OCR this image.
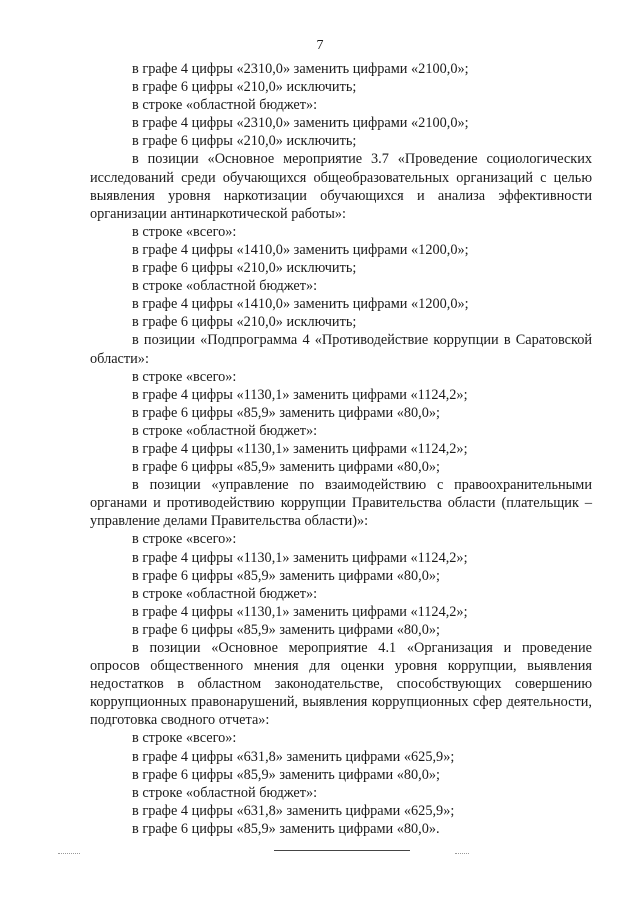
7

в графе 4 цифры «2310,0» заменить цифрами «2100,0»;

в графе 6 цифры «210,0» исключить;

в строке «областной бюджет»:

в графе 4 цифры «2310,0» заменить цифрами «2100,0»;

в графе 6 цифры «210,0» исключить;

в позиции «Основное мероприятие 3.7 «Проведение социологических исследований среди обучающихся общеобразовательных организаций с целью выявления уровня наркотизации обучающихся и анализа эффективности организации антинаркотической работы»:

в строке «всего»:

в графе 4 цифры «1410,0» заменить цифрами «1200,0»;

в графе 6 цифры «210,0» исключить;

в строке «областной бюджет»:

в графе 4 цифры «1410,0» заменить цифрами «1200,0»;

в графе 6 цифры «210,0» исключить;

в позиции «Подпрограмма 4 «Противодействие коррупции в Саратовской области»:

в строке «всего»:

в графе 4 цифры «1130,1» заменить цифрами «1124,2»;

в графе 6 цифры «85,9» заменить цифрами «80,0»;

в строке «областной бюджет»:

в графе 4 цифры «1130,1» заменить цифрами «1124,2»;

в графе 6 цифры «85,9» заменить цифрами «80,0»;

в позиции «управление по взаимодействию с правоохранительными органами и противодействию коррупции Правительства области (плательщик – управление делами Правительства области)»:

в строке «всего»:

в графе 4 цифры «1130,1» заменить цифрами «1124,2»;

в графе 6 цифры «85,9» заменить цифрами «80,0»;

в строке «областной бюджет»:

в графе 4 цифры «1130,1» заменить цифрами «1124,2»;

в графе 6 цифры «85,9» заменить цифрами «80,0»;

в позиции «Основное мероприятие 4.1 «Организация и проведение опросов общественного мнения для оценки уровня коррупции, выявления недостатков в областном законодательстве, способствующих совершению коррупционных правонарушений, выявления коррупционных сфер деятельности, подготовка сводного отчета»:

в строке «всего»:

в графе 4 цифры «631,8» заменить цифрами «625,9»;

в графе 6 цифры «85,9» заменить цифрами «80,0»;

в строке «областной бюджет»:

в графе 4 цифры «631,8» заменить цифрами «625,9»;

в графе 6 цифры «85,9» заменить цифрами «80,0».
